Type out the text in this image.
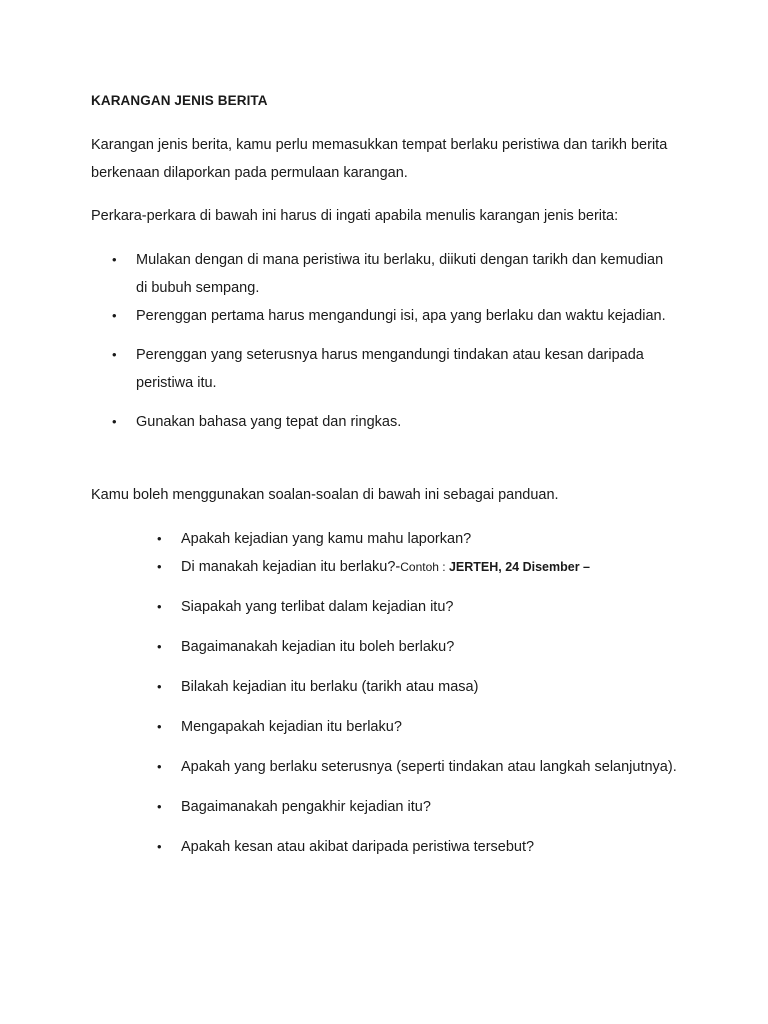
KARANGAN JENIS BERITA
Karangan jenis berita, kamu perlu memasukkan tempat berlaku peristiwa dan tarikh berita berkenaan dilaporkan pada permulaan karangan.
Perkara-perkara di bawah ini harus di ingati apabila menulis karangan jenis berita:
• Mulakan dengan di mana peristiwa itu berlaku, diikuti dengan tarikh dan kemudian di bubuh sempang.
• Perenggan pertama harus mengandungi isi, apa yang berlaku dan waktu kejadian.
• Perenggan yang seterusnya harus mengandungi tindakan atau kesan daripada peristiwa itu.
• Gunakan bahasa yang tepat dan ringkas.
Kamu boleh menggunakan soalan-soalan di bawah ini sebagai panduan.
• Apakah kejadian yang kamu mahu laporkan?
• Di manakah kejadian itu berlaku?-Contoh : JERTEH, 24 Disember –
• Siapakah yang terlibat dalam kejadian itu?
• Bagaimanakah kejadian itu boleh berlaku?
• Bilakah kejadian itu berlaku (tarikh atau masa)
• Mengapakah kejadian itu berlaku?
• Apakah yang berlaku seterusnya (seperti tindakan atau langkah selanjutnya).
• Bagaimanakah pengakhir kejadian itu?
• Apakah kesan atau akibat daripada peristiwa tersebut?
